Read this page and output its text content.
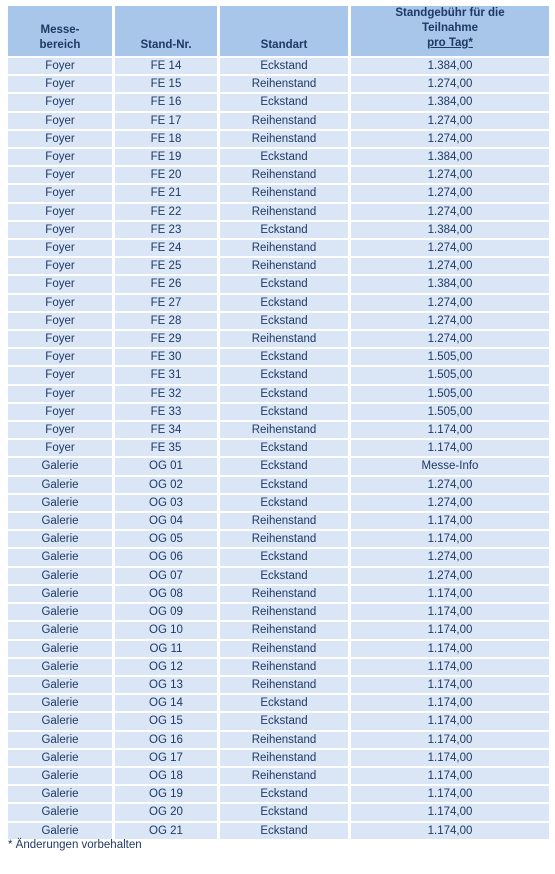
Messe-
bereich	Stand-Nr.	Standart	Standgebühr für die
Teilnahme
pro Tag*
Foyer	FE 14	Eckstand	1.384,00
Foyer	FE 15	Reihenstand	1.274,00
Foyer	FE 16	Eckstand	1.384,00
Foyer	FE 17	Reihenstand	1.274,00
Foyer	FE 18	Reihenstand	1.274,00
Foyer	FE 19	Eckstand	1.384,00
Foyer	FE 20	Reihenstand	1.274,00
Foyer	FE 21	Reihenstand	1.274,00
Foyer	FE 22	Reihenstand	1.274,00
Foyer	FE 23	Eckstand	1.384,00
Foyer	FE 24	Reihenstand	1.274,00
Foyer	FE 25	Reihenstand	1.274,00
Foyer	FE 26	Eckstand	1.384,00
Foyer	FE 27	Eckstand	1.274,00
Foyer	FE 28	Eckstand	1.274,00
Foyer	FE 29	Reihenstand	1.274,00
Foyer	FE 30	Eckstand	1.505,00
Foyer	FE 31	Eckstand	1.505,00
Foyer	FE 32	Eckstand	1.505,00
Foyer	FE 33	Eckstand	1.505,00
Foyer	FE 34	Reihenstand	1.174,00
Foyer	FE 35	Eckstand	1.174,00
Galerie	OG 01	Eckstand	Messe-Info
Galerie	OG 02	Eckstand	1.274,00
Galerie	OG 03	Eckstand	1.274,00
Galerie	OG 04	Reihenstand	1.174,00
Galerie	OG 05	Reihenstand	1.174,00
Galerie	OG 06	Eckstand	1.274,00
Galerie	OG 07	Eckstand	1.274,00
Galerie	OG 08	Reihenstand	1.174,00
Galerie	OG 09	Reihenstand	1.174,00
Galerie	OG 10	Reihenstand	1.174,00
Galerie	OG 11	Reihenstand	1.174,00
Galerie	OG 12	Reihenstand	1.174,00
Galerie	OG 13	Reihenstand	1.174,00
Galerie	OG 14	Eckstand	1.174,00
Galerie	OG 15	Eckstand	1.174,00
Galerie	OG 16	Reihenstand	1.174,00
Galerie	OG 17	Reihenstand	1.174,00
Galerie	OG 18	Reihenstand	1.174,00
Galerie	OG 19	Eckstand	1.174,00
Galerie	OG 20	Eckstand	1.174,00
Galerie	OG 21	Eckstand	1.174,00
* Änderungen vorbehalten
